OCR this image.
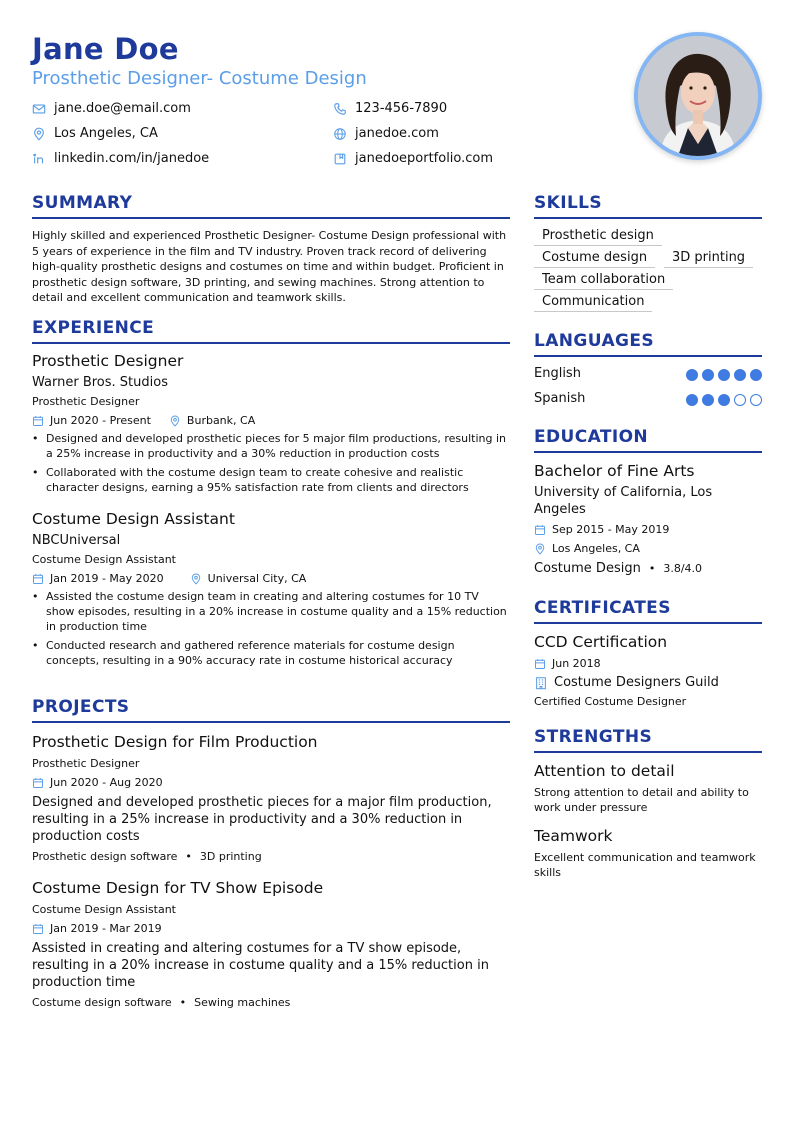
Jane Doe
Prosthetic Designer- Costume Design
jane.doe@email.com	123-456-7890
Los Angeles, CA	janedoe.com
linkedin.com/in/janedoe	janedoeportfolio.com
SUMMARY
Highly skilled and experienced Prosthetic Designer- Costume Design professional with 5 years of experience in the film and TV industry. Proven track record of delivering high-quality prosthetic designs and costumes on time and within budget. Proficient in prosthetic design software, 3D printing, and sewing machines. Strong attention to detail and excellent communication and teamwork skills.
EXPERIENCE
Prosthetic Designer
Warner Bros. Studios
Prosthetic Designer
Jun 2020 - Present	Burbank, CA
• Designed and developed prosthetic pieces for 5 major film productions, resulting in a 25% increase in productivity and a 30% reduction in production costs
• Collaborated with the costume design team to create cohesive and realistic character designs, earning a 95% satisfaction rate from clients and directors
Costume Design Assistant
NBCUniversal
Costume Design Assistant
Jan 2019 - May 2020	Universal City, CA
• Assisted the costume design team in creating and altering costumes for 10 TV show episodes, resulting in a 20% increase in costume quality and a 15% reduction in production time
• Conducted research and gathered reference materials for costume design concepts, resulting in a 90% accuracy rate in costume historical accuracy
PROJECTS
Prosthetic Design for Film Production
Prosthetic Designer
Jun 2020 - Aug 2020
Designed and developed prosthetic pieces for a major film production, resulting in a 25% increase in productivity and a 30% reduction in production costs
Prosthetic design software • 3D printing
Costume Design for TV Show Episode
Costume Design Assistant
Jan 2019 - Mar 2019
Assisted in creating and altering costumes for a TV show episode, resulting in a 20% increase in costume quality and a 15% reduction in production time
Costume design software • Sewing machines
SKILLS
Prosthetic design
Costume design	3D printing
Team collaboration
Communication
LANGUAGES
English
Spanish
EDUCATION
Bachelor of Fine Arts
University of California, Los Angeles
Sep 2015 - May 2019
Los Angeles, CA
Costume Design • 3.8/4.0
CERTIFICATES
CCD Certification
Jun 2018
Costume Designers Guild
Certified Costume Designer
STRENGTHS
Attention to detail
Strong attention to detail and ability to work under pressure
Teamwork
Excellent communication and teamwork skills
